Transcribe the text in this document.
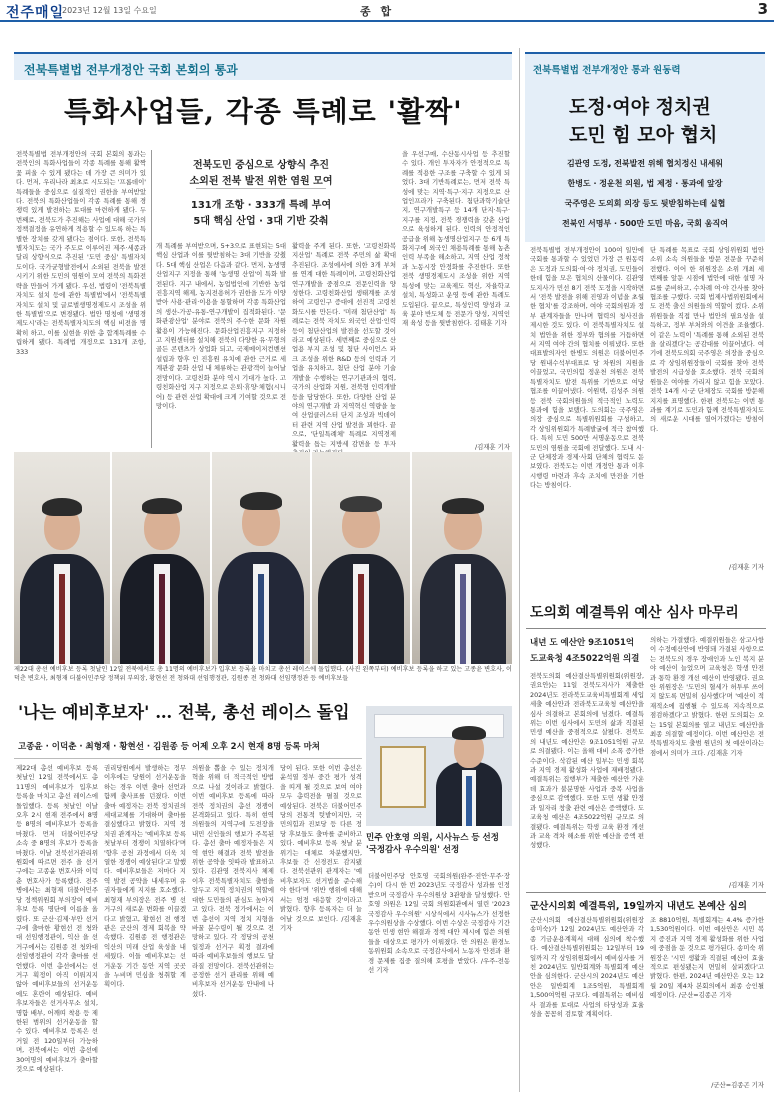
전주매일
2023년 12월 13일 수요일	종 합	3
전북특별법 전부개정안 국회 본회의 통과
특화사업들, 각종 특례로 '활짝'
전북특별법 전부개정안의 국회 본회의 통과는 전북인의 특화사업들이 각종 특례를 통해 활짝 꽃 피울 수 있게 됐다는 데 가장 큰 의미가 있다. 먼저, 우리나라 최초로 시도되는 '프롬데이' 특례들을 중심으로 실질적인 권한을 부여받았다. 전북의 특화산업들이 각종 특례를 통해 경쟁력 있게 발전하는 토대를 마련하게 됐다. 두 번째로, 전북도가 추진해는 사업에 대해 국가의 정책결정을 유연하게 적용할 수 있도록 하는 특별한 장치를 갖게 됐다는 점이다. 또한, 전북특별자치도는 국가 주도로 이루어진 제주·세종과 달리 상향식으로 추진된 '도민 중심' 특별자치도이다. 국가균형발전에서 소외된 전북을 발전시키기 위한 도민의 염원이 모여 전북의 특화전략을 만들어 가게 됐다. 우선, 법령이 '전북특별자치도 설치 등에 관한 특별법'에서 '전북특별자치도 설치 및 글로벌생명경제도시 조성을 위한 특별법'으로 변경됐다. 법안 명칭에 '생명경제도시'라는 전북특별자치도의 핵심 비전을 명확히 하고, 이를 실현을 위한 총 합계특례를 수립하게 됐다. 특례법 개정으로 131개 조항, 333
전북도민 중심으로 상향식 추진
소외된 전북 발전 위한 염원 모여
131개 조항 · 333개 특례 부여
5대 핵심 산업 · 3대 기반 갖춰
개 특례를 부여받으며, 5+3으로 표현되는 5대 핵심 산업과 이를 뒷받침하는 3대 기반을 갖췄다. 5대 핵심 산업은 다음과 같다. 먼저, 농생명산업지구 지정을 통해 '농생명 산업'이 특화 발전된다. 지구 내에서, 농업법인에 기반한 농업진흥지역 해제, 농지전용허가 권한을 도가 이양받아 사용·관리·이용을 통할하며 각종 특화산업의 생산-가공-유통-연구개발이 집적화된다. '문화관광산업' 분야로 전북의 주수한 문화 자원 활용이 가능해진다. 문화산업진흥지구 지정하고 지원센터를 설치해 전북의 다양한 유·무형의 골든 콘텐츠가 상업화 되고, 국제메이저컨벤션 설립과 향후 인 진흥원 유치에 관한 근거로 세계관광 문화 산업 내 체류하는 관광객이 늘어날 전망이다. 고령친화 분야 역시 기대가 높다. 고령친화산업 지구 지정으로 은퇴·휴양·체험(시니어) 등 관련 산업 확대에 크게 기여할 것으로 전망이다.
활력을 주게 된다. 또한, '고령친화복지산업' 특례로 전북 주민의 삶 확대 추진된다. 조성에서에 의한 3개 부처를 연계 대한 특례이며, 고령친화산업 연구개발을 중점으로 전문인력을 양성한다. 고령친화산업 생태계를 조성하여 고령인구 증대에 선진적 고령친화도시를 만든다. '미래 첨단산업' 특례로는 전북 자치도 외국인 산업·인력 등이 첨단산업의 발전을 선도할 것이라고 예상된다. 세번째로 중심으로 산업용 부지 조성 및 첨단 사이언스 파크 조성을 위한 R&D 등의 인력과 기업을 유치하고, 첨단 산업 분야 기술 개발을 수행하는 연구기관과의 협력, 국가의 산업화 지원, 전북형 인력개발 등을 담당한다. 또한, 다양한 산업 분야의 연구개발 과 지역혁신 역량을 높여 산업클러스터 단지 조성과 빅데이터 관련 지역 산업 발전을 꾀한다. 끝으로, '단일특례체' 특례로 지역경제 활력을 돕는 지방세 감면을 등 투자
을 우선구매, 수산동시사업 등 추진할 수 있다. 개인 투자자가 안정적으로 특례를 적용한 구조를 구축할 수 있게 되었다. 3대 기반특례로는, 먼저 전북 특성에 맞는 지역·특구·지구 지정으로 산업인프라가 구축된다. 첨단과학기술단지, 연구개발특구 등 14개 단지·특구·지구를 지정, 전북 경쟁력을 갖춘 산업으로 육성하게 된다. 인력의 안정적인 공급을 위해 농생명산업지구 등 6개 특화지구에 외국인 채용특례를 통해 농촌 인력 부족을 해소하고, 지역 산업 정착과 노동시장 안정화를 추진한다. 또한 전북 생명경제도시 조성을 위한 지역 특성에 맞는 교육제도 혁신, 자율학교 설치, 특성화고 운영 등에 관한 특례도 도입된다. 끝으로, 특성인력 양성과 교육 분야 반도체 등 전문가 양성, 지역인재 육성 등을 뒷받침한다. 김태훈 기자
/김재훈 기자
전북특별법 전부개정안 통과 원동력
도정·여야 정치권
도민 힘 모아 협치
김관영 도정, 전북발전 위해 협치정신 내세워
한병도 · 정운천 의원, 법 제정 · 통과에 앞장
국주영은 도의회 의장 등도 뒷받침하는데 실협
전북인 서명부 · 500만 도민 마음, 국회 움직여
전북특별법 전부개정안이 100여 일만에 국회를 통과할 수 있었던 가장 큰 원동력은 도정과 도의회·여·야 정치권, 도민들이 한데 힘을 모은 협치의 산물이다. 김관영 도지사가 민선 8기 전북 도정을 시작하면서 '전북 발전을 위해 진영과 이념을 초월한 협치'를 강조하며, 여야 국회의원과 정부 관계자들을 만나며 협력의 청사진을 제시한 것도 있다. 이 전북특별자치도 설치 법안을 위한 정부와 협의를 거듭하면서 지역 여야 간의 협치를 이뤄냈다. 또한 대표발의자인 한병도 의원은 더불어민주당 원내수석부대표로 당 차원의 지원을 이끌었고, 국민의힘 정운천 의원은 전북 특별자치도 발전 특위를 기반으로 여당 협조를 이끌어냈다. 이원택, 김성주 의원 등 전북 국회의원들의 적극적인 노력도 통과에 힘을 보탰다. 도의회는 국주영은 의장 중심으로 특별위원회를 구성하고, 각 상임위원회가 특례발굴에 적극 참여했다. 특히 도민 500만 서명운동으로 전북 도민의 염원을 국회에 전달했다. 도내 시·군 단체장과 경제·사회 단체의 협력도 돋보였다. 전북도는 이번 개정안 통과 이후 시행령 마련과 후속 조치에 만전을 기한다는 방침이다.
단 특례를 목표로 국회 상임위원회 법안소위 소속 의원들을 방문 전문을 꾸준히 전했다. 이어 한 위원장은 소위 개최 세 번째를 앞둔 시점에 법안에 대한 설명 자료를 준비하고, 수차례 여·야 간사를 찾아 협조를 구했다. 국회 법제사법위원회에서도 전북 출신 의원들의 역할이 컸다. 소위 위원들을 직접 만나 법안의 필요성을 설득하고, 정부 부처와의 이견을 조율했다. 이 같은 노력이 '특례를 통해 소외된 전북을 살리겠다'는 공감대를 이끌어냈다. 여기에 전북도의회 국주영은 의장을 중심으로 각 상임위원장들이 국회를 찾아 전북 발전의 시급성을 호소했다. 전북 국회의원들은 여야를 가리지 않고 힘을 모았다. 전북 14개 시·군 단체장도 국회를 방문해 지지를 표명했다. 한편 전북도는 이번 통과를 계기로 도민과 함께 전북특별자치도의 새로운 시대를 열어가겠다는 방침이다.
/김재훈 기자
제22대 총선 예비후보 등록 첫날인 12일 전북에서도 총 11명의 예비후보가 입후보 등록을 마치고 총선 레이스에 돌입했다. (사진 왼쪽부터) 예비후보 등록을 하고 있는 고종윤 변호사, 이덕춘 변호사, 최형재 더불어민주당 정책위 부의장, 황현선 전 청와대 선임행정관, 김원종 전 청와대 선임행정관 등 예비후보들
'나는 예비후보자' … 전북, 총선 레이스 돌입
고종윤 · 이덕춘 · 최형재 · 황현선 · 김원종 등 어제 오후 2시 현재 8명 등록 마쳐
제22대 총선 예비후보 등록 첫날인 12일 전북에서도 총 11명의 예비후보가 입후보 등록을 마치고 총선 레이스에 돌입했다. 등록 첫날인 이날 오후 2시 현재 전주에서 8명 등 8명의 예비후보가 등록을 마쳤다. 먼저 더불어민주당 소속 중 8명의 후보가 등록을 마쳤다. 이날 전북선거관리위원회에 따르면 전주 을 선거구에는 고종윤 변호사와 이덕춘 변호사가 등록했다. 전주 병에서는 최형재 더불어민주당 정책위원회 부의장이 예비후보 등록 명단에 이름을 올렸다. 또 군산·김제·부안 선거구에 출마한 황현선 전 청와대 선임행정관이, 익산 을 선거구에서는 김원종 전 청와대 선임행정관이 각각 출마를 선언했다. 이번 총선에서는 선거구 획정이 아직 이뤄지지 않아 예비후보들의 선거운동에도 혼란이 예상된다. 예비후보자들은 선거사무소 설치, 명함 배부, 어깨띠 착용 등 제한된 범위의 선거운동을 할 수 있다. 예비후보 등록은 선거일 전 120일부터 가능하며, 전북에서는 이번 총선에 30여명의 예비후보가 출마할 것으로 예상된다.
권리당원에서 발생하는 정무 이후에는 당원이 선거운동을 하는 경우 이번 출마 선언과 함께 출사표를 던졌다. 이번 출마 예정자는 전북 정치권의 세대교체를 기대하며 출마를 결심했다고 밝혔다. 지역 정치권 관계자는 '예비후보 등록 첫날부터 경쟁이 치열하다'며 '향후 공천 과정에서 더욱 치열한 경쟁이 예상된다'고 말했다. 예비후보들은 저마다 지역 발전 공약을 내세우며 유권자들에게 지지를 호소했다. 최형재 부의장은 전주 병 선거구의 새로운 변화를 이끌겠다고 밝혔고, 황현선 전 행정관은 군산의 경제 회복을 약속했다. 김원종 전 행정관은 익산의 미래 산업 육성을 내세웠다. 이들 예비후보는 선거운동 기간 동안 지역 곳곳을 누비며 민심을 청취할 계획이다.
의원을 뽑을 수 있는 정치개혁을 위해 더 적극적인 방법으로 나설 것이라고 밝혔다. 이번 예비후보 등록에 따라 전북 정치권의 총선 경쟁이 본격화되고 있다. 특히 현역 의원들의 지역구에 도전장을 내민 신인들의 행보가 주목된다. 총선 출마 예정자들은 지역 현안 해결과 전북 발전을 위한 공약을 잇따라 발표하고 있다. 김관영 전북지사 체제 이후 전북특별자치도 출범을 앞두고 지역 정치권의 역할에 대한 도민들의 관심도 높아지고 있다. 전북 정가에서는 이번 총선이 지역 정치 지형을 바꿀 분수령이 될 것으로 전망하고 있다. 각 정당의 공천 일정과 선거구 획정 결과에 따라 예비후보들의 행보도 달라질 전망이다. 전북선관위는 공정한 선거 관리를 위해 예비후보자 선거운동 안내에 나섰다.
당이 된다. 또한 이번 총선은 윤석열 정부 중간 평가 성격을 띠게 될 것으로 보여 여야 모두 총력전을 펼칠 것으로 예상된다. 전북은 더불어민주당의 전통적 텃밭이지만, 국민의힘과 진보당 등 다른 정당 후보들도 출마를 준비하고 있다. 예비후보 등록 첫날 분위기는 대체로 차분했지만, 후보들 간 신경전도 감지됐다. 전북선관위 관계자는 '예비후보자도 선거법을 준수해야 한다'며 '위반 행위에 대해서는 엄정 대응할 것'이라고 밝혔다. 향후 등록자는 더 늘어날 것으로 보인다. /김재훈 기자
민주 안호영 의원, 시사뉴스 등 선정 '국정감사 우수의원' 선정
더불어민주당 안호영 국회의원(완주·진안·무주·장수)이 다시 한 번 2023년도 국정감사 성과를 인정받으며 국정감사 우수의원상 3관왕을 달성했다. 안호영 의원은 12일 국회 의원회관에서 열린 '2023 국정감사 우수의원' 시상식에서 시사뉴스가 선정한 우수의원상을 수상했다. 이번 수상은 국정감사 기간 동안 민생 현안 해결과 정책 대안 제시에 힘쓴 의원들을 대상으로 평가가 이뤄졌다. 안 의원은 환경노동위원회 소속으로 국정감사에서 노동자 안전과 환경 문제를 집중 질의해 호평을 받았다. /우주-전동선 기자
도의회 예결특위 예산 심사 마무리
내년 도 예산안 9조1051억
도교육청 4조5022억원 의결
전북도의회 예산결산특별위원회(위원장, 권요안)는 11일 전북도지사가 제출한 2024년도 전라북도교육비특별회계 세입세출 예산안과 전라북도교육청 예산안을 심사 의결하고 본회의에 넘겼다. 예결특위는 이번 심사에서 도민의 삶과 직결된 민생 예산을 중점적으로 살폈다. 전북도의 내년도 예산안은 9조1051억원 규모로 의결됐다. 이는 올해 대비 소폭 증가한 수준이다. 삭감된 예산 일부는 민생 회복과 지역 경제 활성화 사업에 재배정됐다. 예결특위는 집행부가 제출한 예산안 가운데 효과가 불분명한 사업과 중복 사업을 중심으로 감액했다. 또한 도민 생활 안정과 일자리 창출 관련 예산은 증액했다. 도교육청 예산은 4조5022억원 규모로 의결됐다. 예결특위는 학생 교육 환경 개선과 교육 격차 해소를 위한 예산을 증액 편성했다.
의하는 가결했다. 예결위원들은 삼고사항이 수정예산안에 반영돼 가결된 사항으로는 전북도의 경우 장애인과 노인 복지 분야 예산이 늘었으며 교육청은 학생 안전과 통학 환경 개선 예산이 반영됐다. 권요안 위원장은 '도민의 혈세가 허투루 쓰이지 않도록 면밀히 심사했다'며 '예산이 적재적소에 집행될 수 있도록 지속적으로 점검하겠다'고 밝혔다. 한편 도의회는 오는 15일 본회의를 열고 내년도 예산안을 최종 의결할 예정이다. 이번 예산안은 전북특별자치도 출범 원년의 첫 예산이라는 점에서 의미가 크다. /김재훈 기자
/김재훈 기자
군산시의회 예결특위, 19일까지 내년도 본예산 심의
군산시의회 예산결산특별위원회(위원장 송미숙)가 12일 2024년도 예산안과 각종 기금운용계획서 대해 심의에 착수했다. 예산결산특별위원회는 12일부터 19일까지 각 상임위원회에서 예비심사를 거친 2024년도 일반회계와 특별회계 예산안을 심의한다. 군산시의 2024년도 예산안은 일반회계 1조5억원, 특별회계 1,500여억원 규모다. 예결특위는 예비심사 결과를 토대로 사업의 타당성과 효율성을 꼼꼼히 검토할 계획이다.
조 8810억원, 특별회계는 4.4% 증가한 1,530억원이다. 이번 예산안은 시민 복지 증진과 지역 경제 활성화를 위한 사업에 중점을 둔 것으로 평가된다. 송미숙 위원장은 '시민 생활과 직결된 예산이 효율적으로 편성됐는지 면밀히 살피겠다'고 밝혔다. 한편, 2024년 예산안은 오는 12월 20일 제4차 본회의에서 최종 승인될 예정이다. /군산=김종곤 기자
/군산=김종곤 기자
